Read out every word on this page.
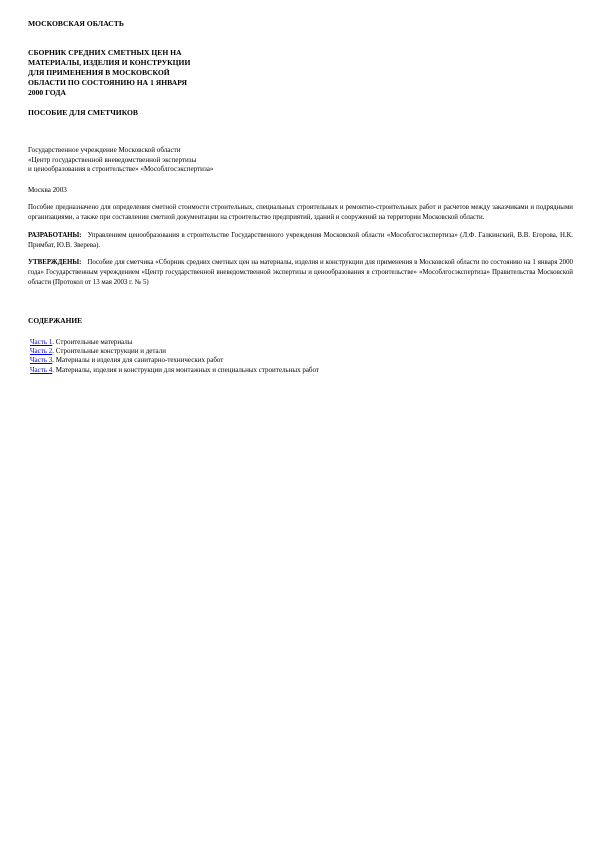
МОСКОВСКАЯ ОБЛАСТЬ
СБОРНИК СРЕДНИХ СМЕТНЫХ ЦЕН НА
МАТЕРИАЛЫ, ИЗДЕЛИЯ И КОНСТРУКЦИИ
ДЛЯ ПРИМЕНЕНИЯ В МОСКОВСКОЙ
ОБЛАСТИ ПО СОСТОЯНИЮ НА 1 ЯНВАРЯ
2000 ГОДА
ПОСОБИЕ ДЛЯ СМЕТЧИКОВ
Государственное учреждение Московской области
«Центр государственной вневедомственной экспертизы
и ценообразования в строительстве» «Мособлгосэкспертиза»
Москва 2003
Пособие предназначено для определения сметной стоимости строительных, специальных строительных и ремонтно-строительных работ и расчетов между заказчиками и подрядными организациями, а также при составлении сметной документации на строительство предприятий, зданий и сооружений на территории Московской области.
РАЗРАБОТАНЫ: Управлением ценообразования в строительстве Государственного учреждения Московской области «Мособлгосэкспертиза» (Л.Ф. Галкинский, В.В. Егорова, Н.К. Примбат, Ю.В. Зверева).
УТВЕРЖДЕНЫ: Пособие для сметчика «Сборник средних сметных цен на материалы, изделия и конструкции для применения в Московской области по состоянию на 1 января 2000 года» Государственным учреждением «Центр государственной вневедомственной экспертизы и ценообразования в строительстве» «Мособлгосэкспертиза» Правительства Московской области (Протокол от 13 мая 2003 г. № 5)
СОДЕРЖАНИЕ
Часть 1. Строительные материалы
Часть 2. Строительные конструкции и детали
Часть 3. Материалы и изделия для санитарно-технических работ
Часть 4. Материалы, изделия и конструкции для монтажных и специальных строительных работ
